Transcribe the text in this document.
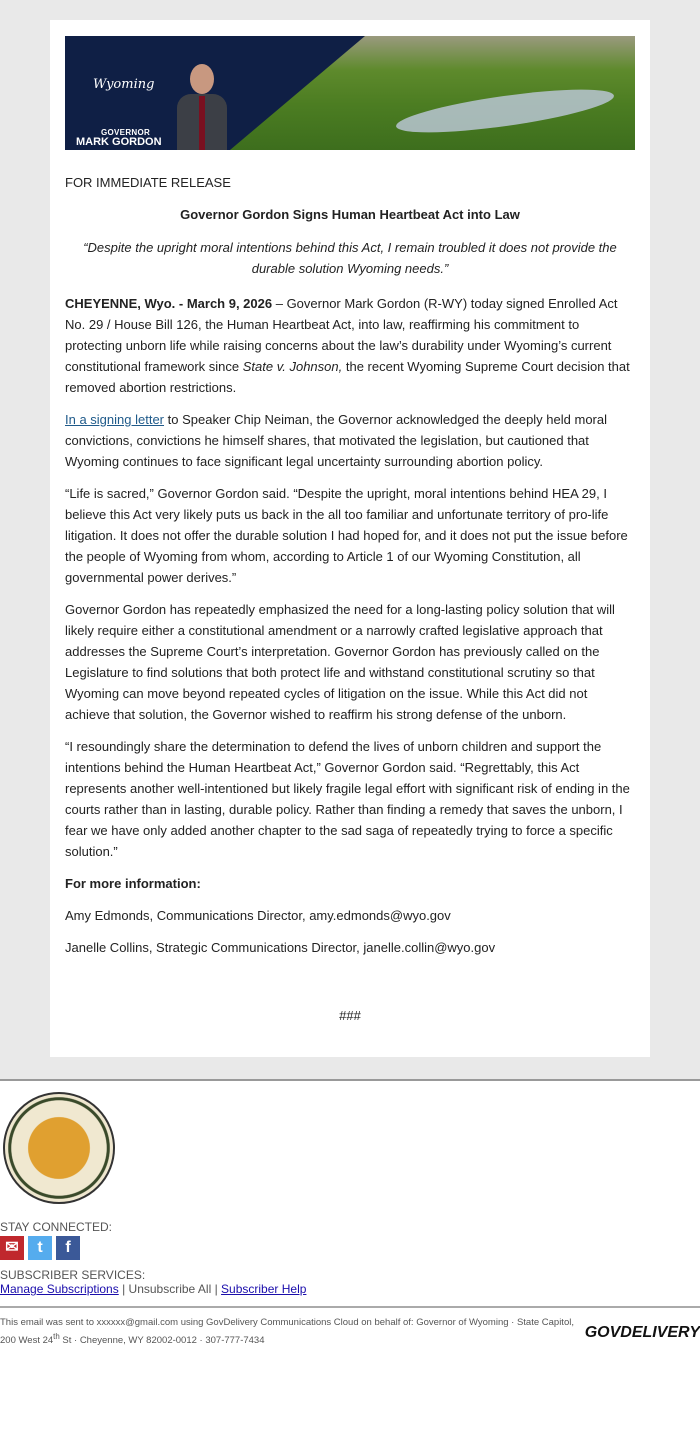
Wyoming
GOVERNOR
MARK GORDON

FOR IMMEDIATE RELEASE

Governor Gordon Signs Human Heartbeat Act into Law

“Despite the upright moral intentions behind this Act, I remain troubled it does not provide the durable solution Wyoming needs.”

CHEYENNE, Wyo. - March 9, 2026 – Governor Mark Gordon (R-WY) today signed Enrolled Act No. 29 / House Bill 126, the Human Heartbeat Act, into law, reaffirming his commitment to protecting unborn life while raising concerns about the law’s durability under Wyoming’s current constitutional framework since State v. Johnson, the recent Wyoming Supreme Court decision that removed abortion restrictions.

In a signing letter to Speaker Chip Neiman, the Governor acknowledged the deeply held moral convictions, convictions he himself shares, that motivated the legislation, but cautioned that Wyoming continues to face significant legal uncertainty surrounding abortion policy.

“Life is sacred,” Governor Gordon said. “Despite the upright, moral intentions behind HEA 29, I believe this Act very likely puts us back in the all too familiar and unfortunate territory of pro-life litigation. It does not offer the durable solution I had hoped for, and it does not put the issue before the people of Wyoming from whom, according to Article 1 of our Wyoming Constitution, all governmental power derives.”

Governor Gordon has repeatedly emphasized the need for a long-lasting policy solution that will likely require either a constitutional amendment or a narrowly crafted legislative approach that addresses the Supreme Court’s interpretation. Governor Gordon has previously called on the Legislature to find solutions that both protect life and withstand constitutional scrutiny so that Wyoming can move beyond repeated cycles of litigation on the issue. While this Act did not achieve that solution, the Governor wished to reaffirm his strong defense of the unborn.

“I resoundingly share the determination to defend the lives of unborn children and support the intentions behind the Human Heartbeat Act,” Governor Gordon said. “Regrettably, this Act represents another well-intentioned but likely fragile legal effort with significant risk of ending in the courts rather than in lasting, durable policy. Rather than finding a remedy that saves the unborn, I fear we have only added another chapter to the sad saga of repeatedly trying to force a specific solution.”

For more information:

Amy Edmonds, Communications Director, amy.edmonds@wyo.gov

Janelle Collins, Strategic Communications Director, janelle.collin@wyo.gov

###

STAY CONNECTED:
✉	t	f
SUBSCRIBER SERVICES:
Manage Subscriptions | Unsubscribe All | Subscriber Help
This email was sent to xxxxxx@gmail.com using GovDelivery Communications Cloud on behalf of: Governor of Wyoming · State Capitol, 200 West 24th St · Cheyenne, WY 82002-0012 · 307-777-7434	GOVDELIVERY
